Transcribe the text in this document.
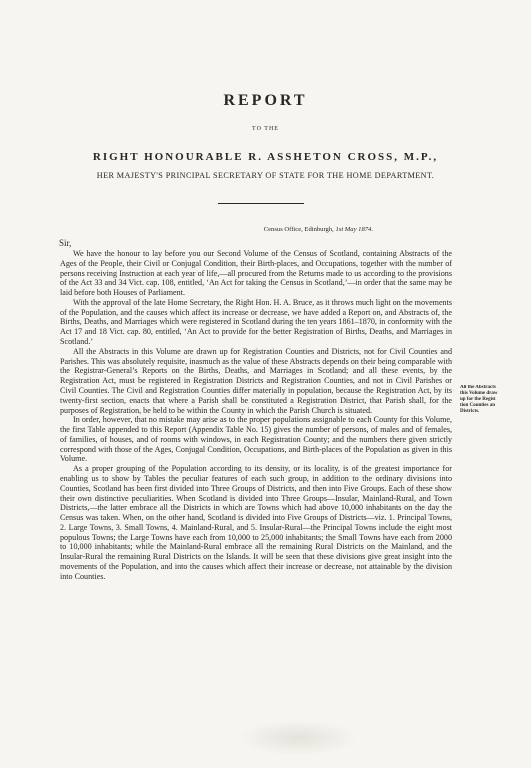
REPORT
TO THE
RIGHT HONOURABLE R. ASSHETON CROSS, M.P.,
HER MAJESTY'S PRINCIPAL SECRETARY OF STATE FOR THE HOME DEPARTMENT.
Census Office, Edinburgh, 1st May 1874.
Sir,

We have the honour to lay before you our Second Volume of the Census of Scotland, containing Abstracts of the Ages of the People, their Civil or Conjugal Condition, their Birth-places, and Occupations, together with the number of persons receiving Instruction at each year of life,—all procured from the Returns made to us according to the provisions of the Act 33 and 34 Vict. cap. 108, entitled, ‘An Act for taking the Census in Scotland,’—in order that the same may be laid before both Houses of Parliament.

With the approval of the late Home Secretary, the Right Hon. H. A. Bruce, as it throws much light on the movements of the Population, and the causes which affect its increase or decrease, we have added a Report on, and Abstracts of, the Births, Deaths, and Marriages which were registered in Scotland during the ten years 1861–1870, in conformity with the Act 17 and 18 Vict. cap. 80, entitled, ‘An Act to provide for the better Registration of Births, Deaths, and Marriages in Scotland.’

All the Abstracts in this Volume are drawn up for Registration Counties and Districts, not for Civil Counties and Parishes. This was absolutely requisite, inasmuch as the value of these Abstracts depends on their being comparable with the Registrar-General’s Reports on the Births, Deaths, and Marriages in Scotland; and all these events, by the Registration Act, must be registered in Registration Districts and Registration Counties, and not in Civil Parishes or Civil Counties. The Civil and Registration Counties differ materially in population, because the Registration Act, by its twenty-first section, enacts that where a Parish shall be constituted a Registration District, that Parish shall, for the purposes of Registration, be held to be within the County in which the Parish Church is situated.

In order, however, that no mistake may arise as to the proper populations assignable to each County for this Volume, the first Table appended to this Report (Appendix Table No. 15) gives the number of persons, of males and of females, of families, of houses, and of rooms with windows, in each Registration County; and the numbers there given strictly correspond with those of the Ages, Conjugal Condition, Occupations, and Birth-places of the Population as given in this Volume.

As a proper grouping of the Population according to its density, or its locality, is of the greatest importance for enabling us to show by Tables the peculiar features of each such group, in addition to the ordinary divisions into Counties, Scotland has been first divided into Three Groups of Districts, and then into Five Groups. Each of these show their own distinctive peculiarities. When Scotland is divided into Three Groups—Insular, Mainland-Rural, and Town Districts,—the latter embrace all the Districts in which are Towns which had above 10,000 inhabitants on the day the Census was taken. When, on the other hand, Scotland is divided into Five Groups of Districts—viz. 1. Principal Towns, 2. Large Towns, 3. Small Towns, 4. Mainland-Rural, and 5. Insular-Rural—the Principal Towns include the eight most populous Towns; the Large Towns have each from 10,000 to 25,000 inhabitants; the Small Towns have each from 2000 to 10,000 inhabitants; while the Mainland-Rural embrace all the remaining Rural Districts on the Mainland, and the Insular-Rural the remaining Rural Districts on the Islands. It will be seen that these divisions give great insight into the movements of the Population, and into the causes which affect their increase or decrease, not attainable by the division into Counties.

All the Abstracts
this Volume draw
up for the Regist
tion Counties an
Districts.
